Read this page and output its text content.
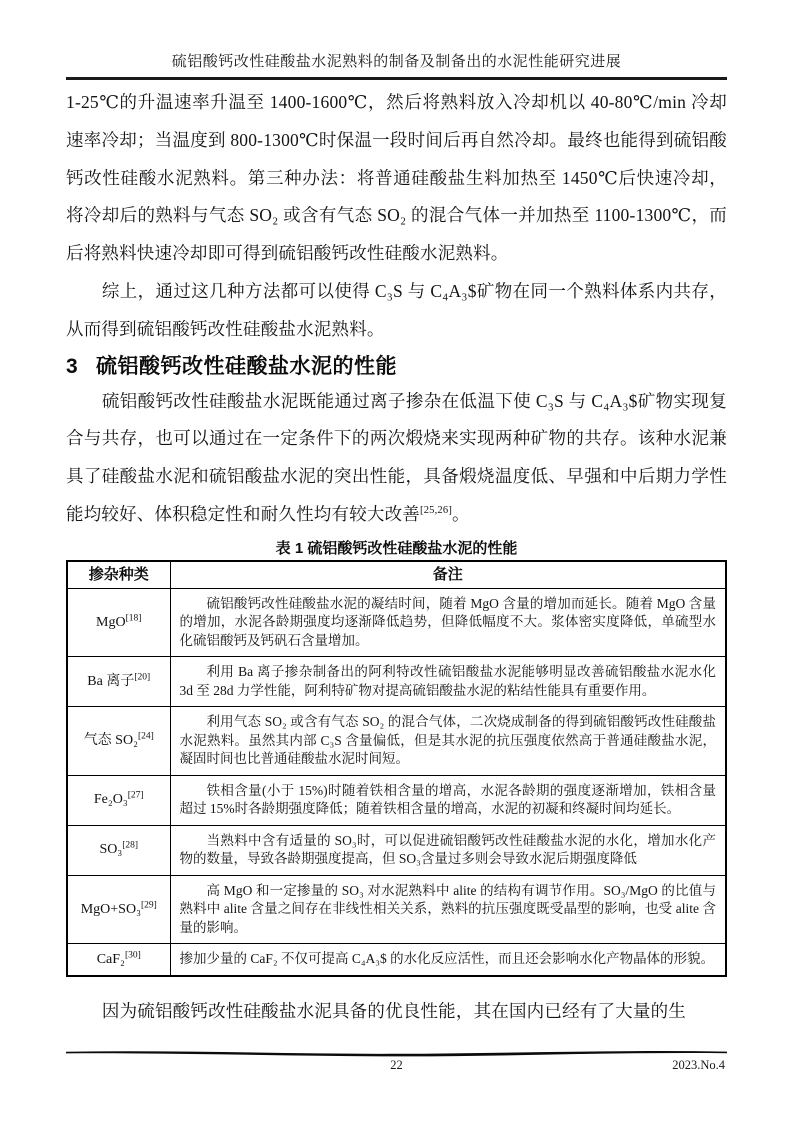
硫铝酸钙改性硅酸盐水泥熟料的制备及制备出的水泥性能研究进展

1-25℃的升温速率升温至 1400-1600℃，然后将熟料放入冷却机以 40-80℃/min 冷却速率冷却；当温度到 800-1300℃时保温一段时间后再自然冷却。最终也能得到硫铝酸钙改性硅酸水泥熟料。第三种办法：将普通硅酸盐生料加热至 1450℃后快速冷却，将冷却后的熟料与气态 SO₂ 或含有气态 SO₂ 的混合气体一并加热至 1100-1300℃，而后将熟料快速冷却即可得到硫铝酸钙改性硅酸水泥熟料。

综上，通过这几种方法都可以使得 C₃S 与 C₄A₃$矿物在同一个熟料体系内共存，从而得到硫铝酸钙改性硅酸盐水泥熟料。

3 硫铝酸钙改性硅酸盐水泥的性能

硫铝酸钙改性硅酸盐水泥既能通过离子掺杂在低温下使 C₃S 与 C₄A₃$矿物实现复合与共存，也可以通过在一定条件下的两次煅烧来实现两种矿物的共存。该种水泥兼具了硅酸盐水泥和硫铝酸盐水泥的突出性能，具备煅烧温度低、早强和中后期力学性能均较好、体积稳定性和耐久性均有较大改善[25,26]。

表 1 硫铝酸钙改性硅酸盐水泥的性能
掺杂种类	备注
MgO[18]	硫铝酸钙改性硅酸盐水泥的凝结时间，随着 MgO 含量的增加而延长。随着 MgO 含量的增加，水泥各龄期强度均逐渐降低趋势，但降低幅度不大。浆体密实度降低，单硫型水化硫铝酸钙及钙矾石含量增加。
Ba 离子[20]	利用 Ba 离子掺杂制备出的阿利特改性硫铝酸盐水泥能够明显改善硫铝酸盐水泥水化 3d 至 28d 力学性能，阿利特矿物对提高硫铝酸盐水泥的粘结性能具有重要作用。
气态 SO₂[24]	利用气态 SO₂ 或含有气态 SO₂ 的混合气体，二次烧成制备的得到硫铝酸钙改性硅酸盐水泥熟料。虽然其内部 C₃S 含量偏低，但是其水泥的抗压强度依然高于普通硅酸盐水泥，凝固时间也比普通硅酸盐水泥时间短。
Fe₂O₃[27]	铁相含量(小于 15%)时随着铁相含量的增高，水泥各龄期的强度逐渐增加，铁相含量超过 15%时各龄期强度降低；随着铁相含量的增高，水泥的初凝和终凝时间均延长。
SO₃[28]	当熟料中含有适量的 SO₃时，可以促进硫铝酸钙改性硅酸盐水泥的水化，增加水化产物的数量，导致各龄期强度提高，但 SO₃含量过多则会导致水泥后期强度降低
MgO+SO₃[29]	高 MgO 和一定掺量的 SO₃ 对水泥熟料中 alite 的结构有调节作用。SO₃/MgO 的比值与熟料中 alite 含量之间存在非线性相关关系，熟料的抗压强度既受晶型的影响，也受 alite 含量的影响。
CaF₂[30]	掺加少量的 CaF₂ 不仅可提高 C₄A₃$ 的水化反应活性，而且还会影响水化产物晶体的形貌。

因为硫铝酸钙改性硅酸盐水泥具备的优良性能，其在国内已经有了大量的生

22	2023.No.4
